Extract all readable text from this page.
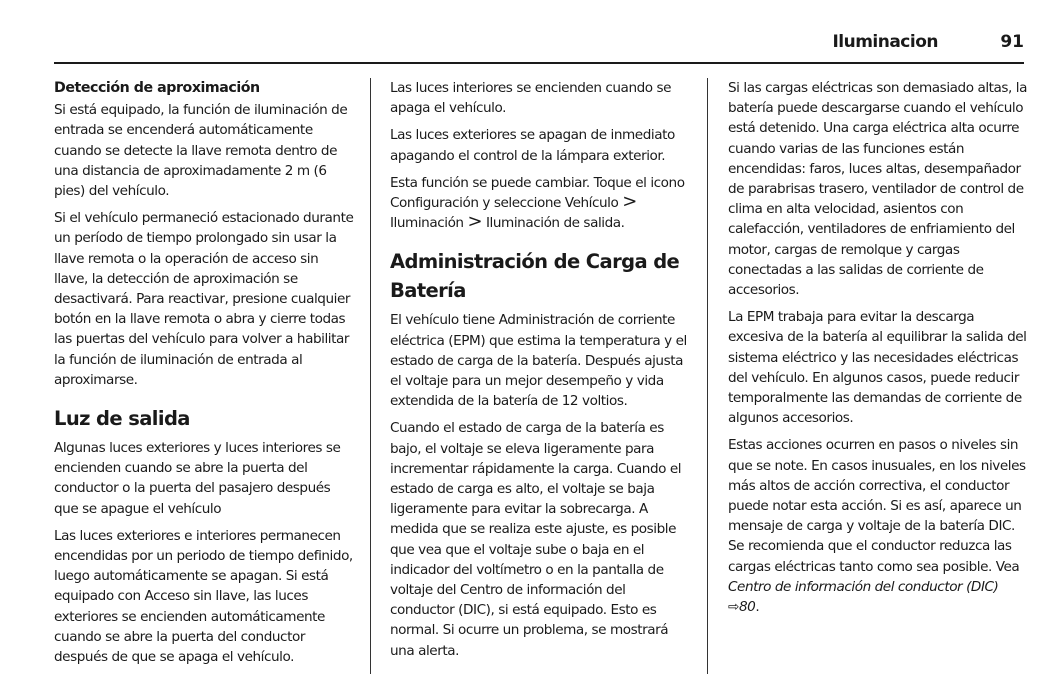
Iluminacion	91
Detección de aproximación

Si está equipado, la función de iluminación de entrada se encenderá automáticamente cuando se detecte la llave remota dentro de una distancia de aproximadamente 2 m (6 pies) del vehículo.

Si el vehículo permaneció estacionado durante un período de tiempo prolongado sin usar la llave remota o la operación de acceso sin llave, la detección de aproximación se desactivará. Para reactivar, presione cualquier botón en la llave remota o abra y cierre todas las puertas del vehículo para volver a habilitar la función de iluminación de entrada al aproximarse.

Luz de salida

Algunas luces exteriores y luces interiores se encienden cuando se abre la puerta del conductor o la puerta del pasajero después que se apague el vehículo

Las luces exteriores e interiores permanecen encendidas por un periodo de tiempo definido, luego automáticamente se apagan. Si está equipado con Acceso sin llave, las luces exteriores se encienden automáticamente cuando se abre la puerta del conductor después de que se apaga el vehículo.

Las luces interiores se encienden cuando se apaga el vehículo.

Las luces exteriores se apagan de inmediato apagando el control de la lámpara exterior.

Esta función se puede cambiar. Toque el icono Configuración y seleccione Vehículo > Iluminación > Iluminación de salida.

Administración de Carga de Batería

El vehículo tiene Administración de corriente eléctrica (EPM) que estima la temperatura y el estado de carga de la batería. Después ajusta el voltaje para un mejor desempeño y vida extendida de la batería de 12 voltios.

Cuando el estado de carga de la batería es bajo, el voltaje se eleva ligeramente para incrementar rápidamente la carga. Cuando el estado de carga es alto, el voltaje se baja ligeramente para evitar la sobrecarga. A medida que se realiza este ajuste, es posible que vea que el voltaje sube o baja en el indicador del voltímetro o en la pantalla de voltaje del Centro de información del conductor (DIC), si está equipado. Esto es normal. Si ocurre un problema, se mostrará una alerta.

Si las cargas eléctricas son demasiado altas, la batería puede descargarse cuando el vehículo está detenido. Una carga eléctrica alta ocurre cuando varias de las funciones están encendidas: faros, luces altas, desempañador de parabrisas trasero, ventilador de control de clima en alta velocidad, asientos con calefacción, ventiladores de enfriamiento del motor, cargas de remolque y cargas conectadas a las salidas de corriente de accesorios.

La EPM trabaja para evitar la descarga excesiva de la batería al equilibrar la salida del sistema eléctrico y las necesidades eléctricas del vehículo. En algunos casos, puede reducir temporalmente las demandas de corriente de algunos accesorios.

Estas acciones ocurren en pasos o niveles sin que se note. En casos inusuales, en los niveles más altos de acción correctiva, el conductor puede notar esta acción. Si es así, aparece un mensaje de carga y voltaje de la batería DIC. Se recomienda que el conductor reduzca las cargas eléctricas tanto como sea posible. Vea Centro de información del conductor (DIC) ⇨80.
